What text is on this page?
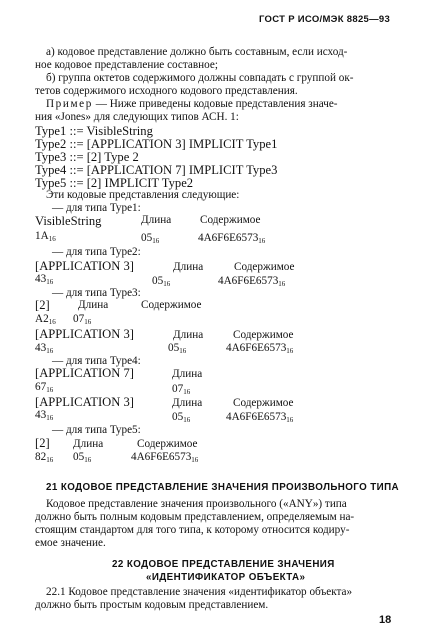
ГОСТ Р ИСО/МЭК 8825—93
а) кодовое представление должно быть составным, если исход-
ное кодовое представление составное;
б) группа октетов содержимого должны совпадать с группой ок-
тетов содержимого исходного кодового представления.
Пример — Ниже приведены кодовые представления значе-
ния «Jones» для следующих типов АСН. 1:
Type1 ::= VisibleString
Type2 ::= [APPLICATION 3] IMPLICIT Type1
Type3 ::= [2] Type 2
Type4 ::= [APPLICATION 7] IMPLICIT Type3
Type5 ::= [2] IMPLICIT Type2
Эти кодовые представления следующие:
— для типа Type1:
VisibleString	Длина	Содержимое
$1A_{16}$	$05_{16}$	$4A6F6E6573_{16}$
— для типа Type2:
[APPLICATION 3]	Длина	Содержимое
$43_{16}$	$05_{16}$	$4A6F6E6573_{16}$
— для типа Type3:
[2]	Длина	Содержимое
$A2_{16}$ $07_{16}$
[APPLICATION 3]	Длина	Содержимое
$43_{16}$	$05_{16}$	$4A6F6E6573_{16}$
— для типа Type4:
[APPLICATION 7]	Длина
$67_{16}$	$07_{16}$
[APPLICATION 3]	Длина	Содержимое
$43_{16}$	$05_{16}$	$4A6F6E6573_{16}$
— для типа Type5:
[2] Длина	Содержимое
$82_{16}$ $05_{16}$	$4A6F6E6573_{16}$
21 КОДОВОЕ ПРЕДСТАВЛЕНИЕ ЗНАЧЕНИЯ ПРОИЗВОЛЬНОГО ТИПА
Кодовое представление значения произвольного («ANY») типа
должно быть полным кодовым представлением, определяемым на-
стоящим стандартом для того типа, к которому относится кодиру-
емое значение.
22 КОДОВОЕ ПРЕДСТАВЛЕНИЕ ЗНАЧЕНИЯ
«ИДЕНТИФИКАТОР ОБЪЕКТА»
22.1 Кодовое представление значения «идентификатор объекта»
должно быть простым кодовым представлением.
18
